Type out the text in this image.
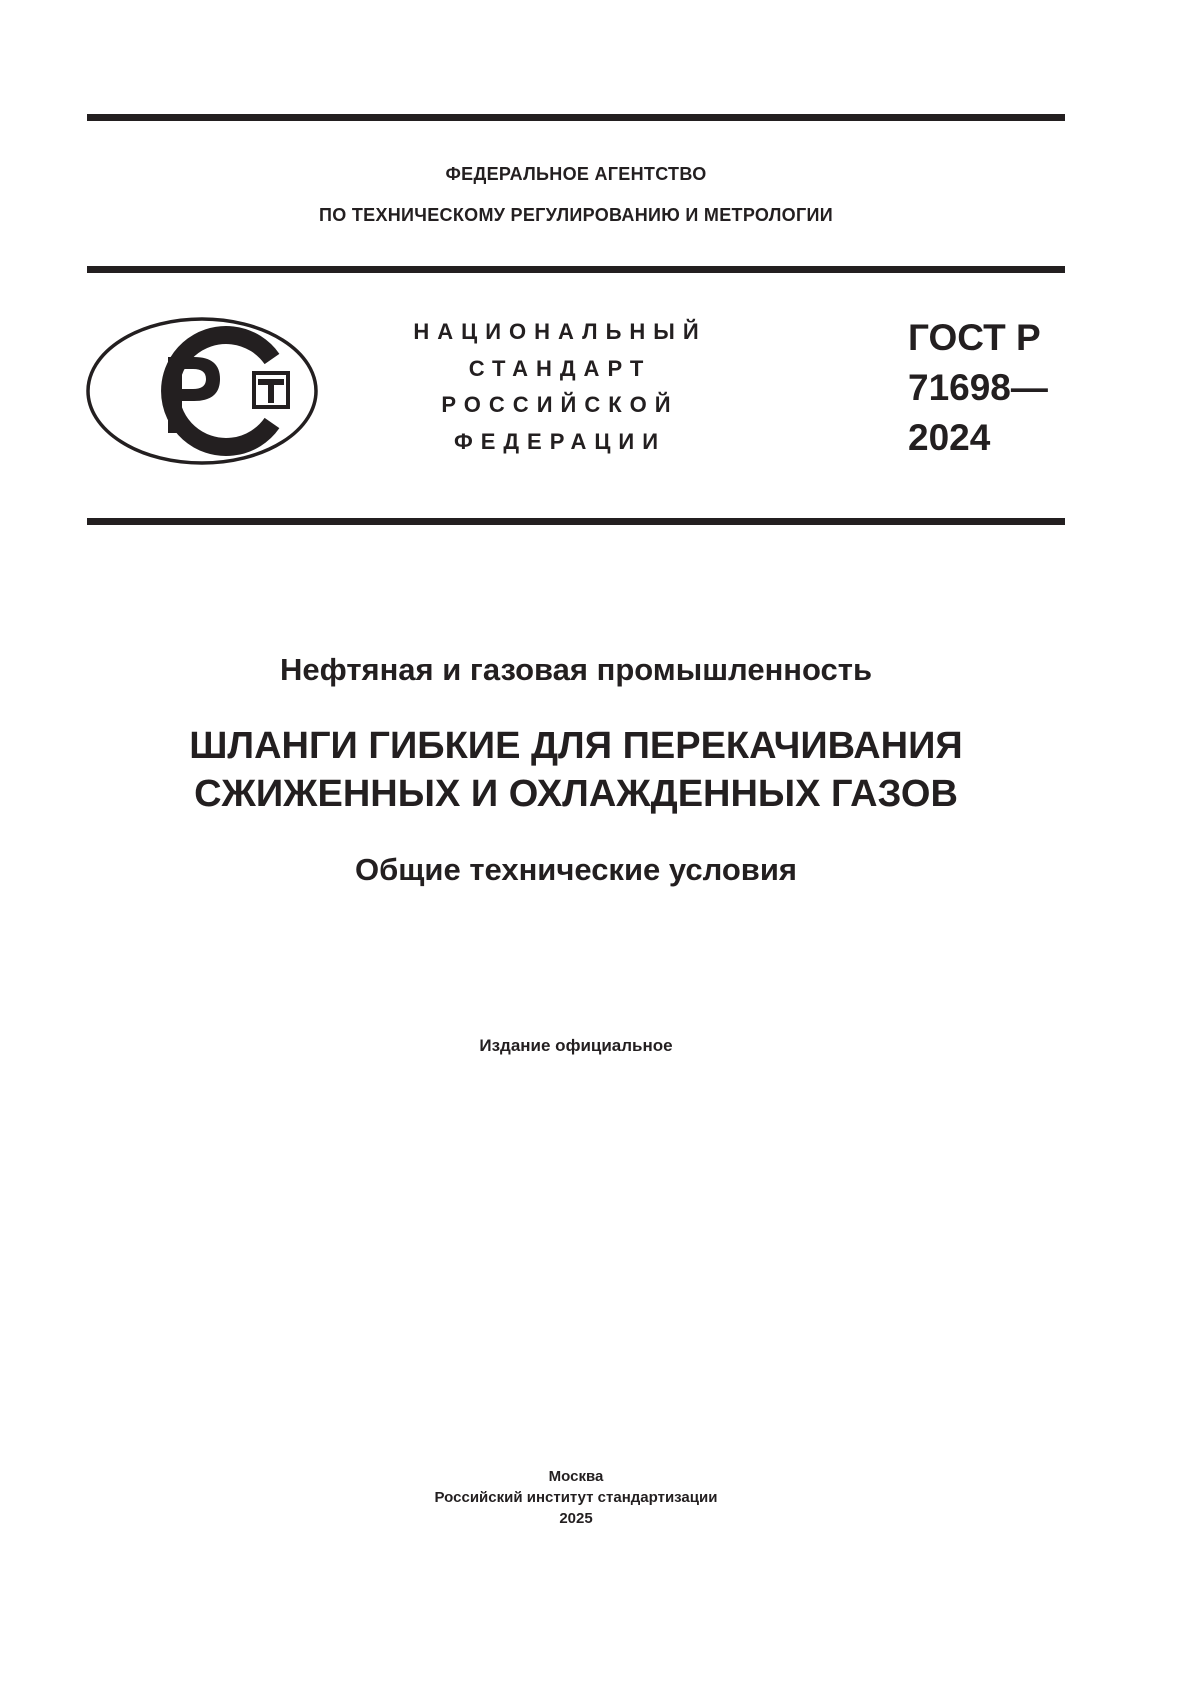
ФЕДЕРАЛЬНОЕ АГЕНТСТВО
ПО ТЕХНИЧЕСКОМУ РЕГУЛИРОВАНИЮ И МЕТРОЛОГИИ
НАЦИОНАЛЬНЫЙ
СТАНДАРТ
РОССИЙСКОЙ
ФЕДЕРАЦИИ
ГОСТ Р
71698—
2024
Нефтяная и газовая промышленность
ШЛАНГИ ГИБКИЕ ДЛЯ ПЕРЕКАЧИВАНИЯ
СЖИЖЕННЫХ И ОХЛАЖДЕННЫХ ГАЗОВ
Общие технические условия
Издание официальное
Москва
Российский институт стандартизации
2025
